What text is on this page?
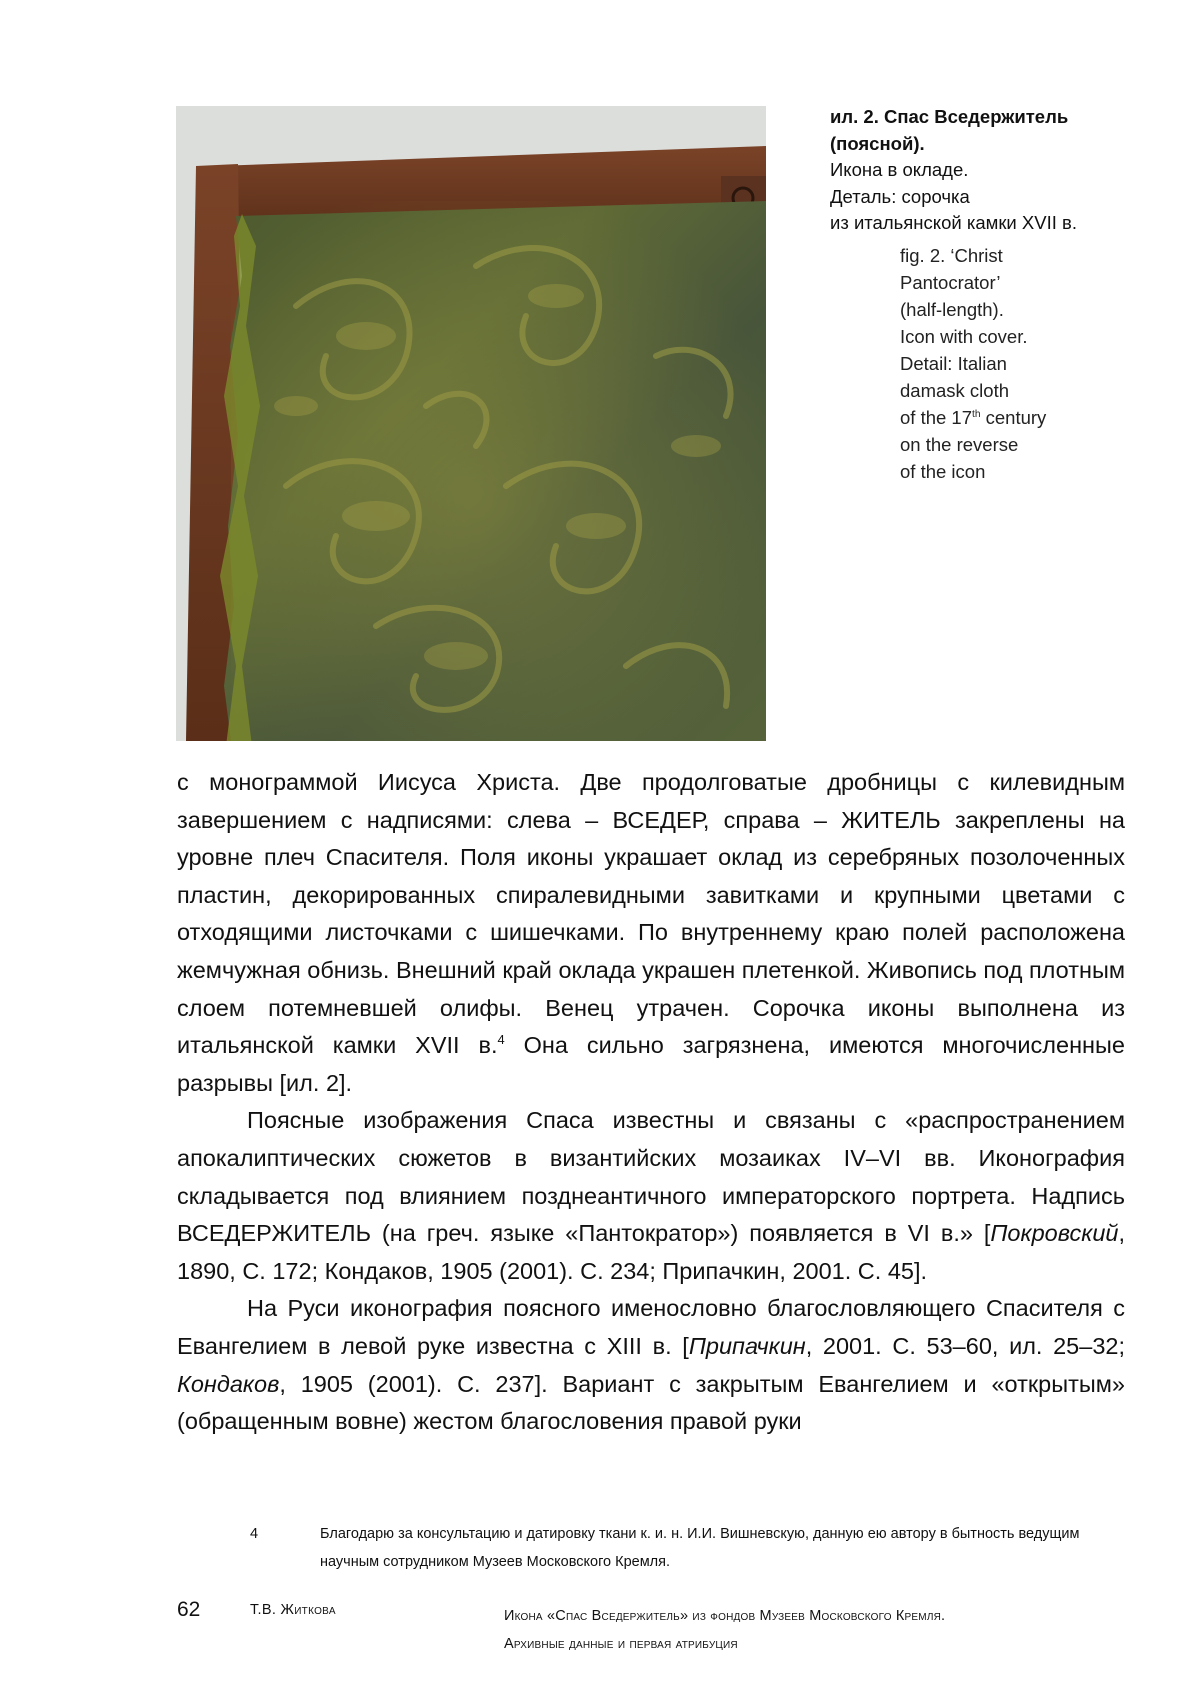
ил. 2. Спас Вседержитель
(поясной).
Икона в окладе.
Деталь: сорочка
из итальянской камки XVII в.

fig. 2. ‘Christ

Pantocrator’

(half-length).

Icon with cover.

Detail: Italian

damask cloth

of the 17th century

on the reverse

of the icon

с монограммой Иисуса Христа. Две продолговатые дробницы с килевидным завершением с надписями: слева – ВСЕДЕР, справа – ЖИТЕЛЬ закреплены на уровне плеч Спасителя. Поля иконы украшает оклад из серебряных позолоченных пластин, декорированных спиралевидными завитками и крупными цветами с отходящими листочками с шишечками. По внутреннему краю полей расположена жемчужная обнизь. Внешний край оклада украшен плетенкой. Живопись под плотным слоем потемневшей олифы. Венец утрачен. Сорочка иконы выполнена из итальянской камки XVII в.$^4$ Она сильно загрязнена, имеются многочисленные разрывы [ил. 2].

Поясные изображения Спаса известны и связаны с «распространением апокалиптических сюжетов в византийских мозаиках IV–VI вв. Иконография складывается под влиянием позднеантичного императорского портрета. Надпись ВСЕДЕРЖИТЕЛЬ (на греч. языке «Пантократор») появляется в VI в.» [Покровский, 1890, С. 172; Кондаков, 1905 (2001). С. 234; Припачкин, 2001. С. 45].

На Руси иконография поясного именословно благословляющего Спасителя с Евангелием в левой руке известна с XIII в. [Припачкин, 2001. С. 53–60, ил. 25–32; Кондаков, 1905 (2001). С. 237]. Вариант с закрытым Евангелием и «открытым» (обращенным вовне) жестом благословения правой руки

4	Благодарю за консультацию и датировку ткани к. и. н. И.И. Вишневскую, данную ею автору в бытность ведущим научным сотрудником Музеев Московского Кремля.
62	Т.В. Житкова	Икона «Спас Вседержитель» из фондов Музеев Московского Кремля.
Архивные данные и первая атрибуция
